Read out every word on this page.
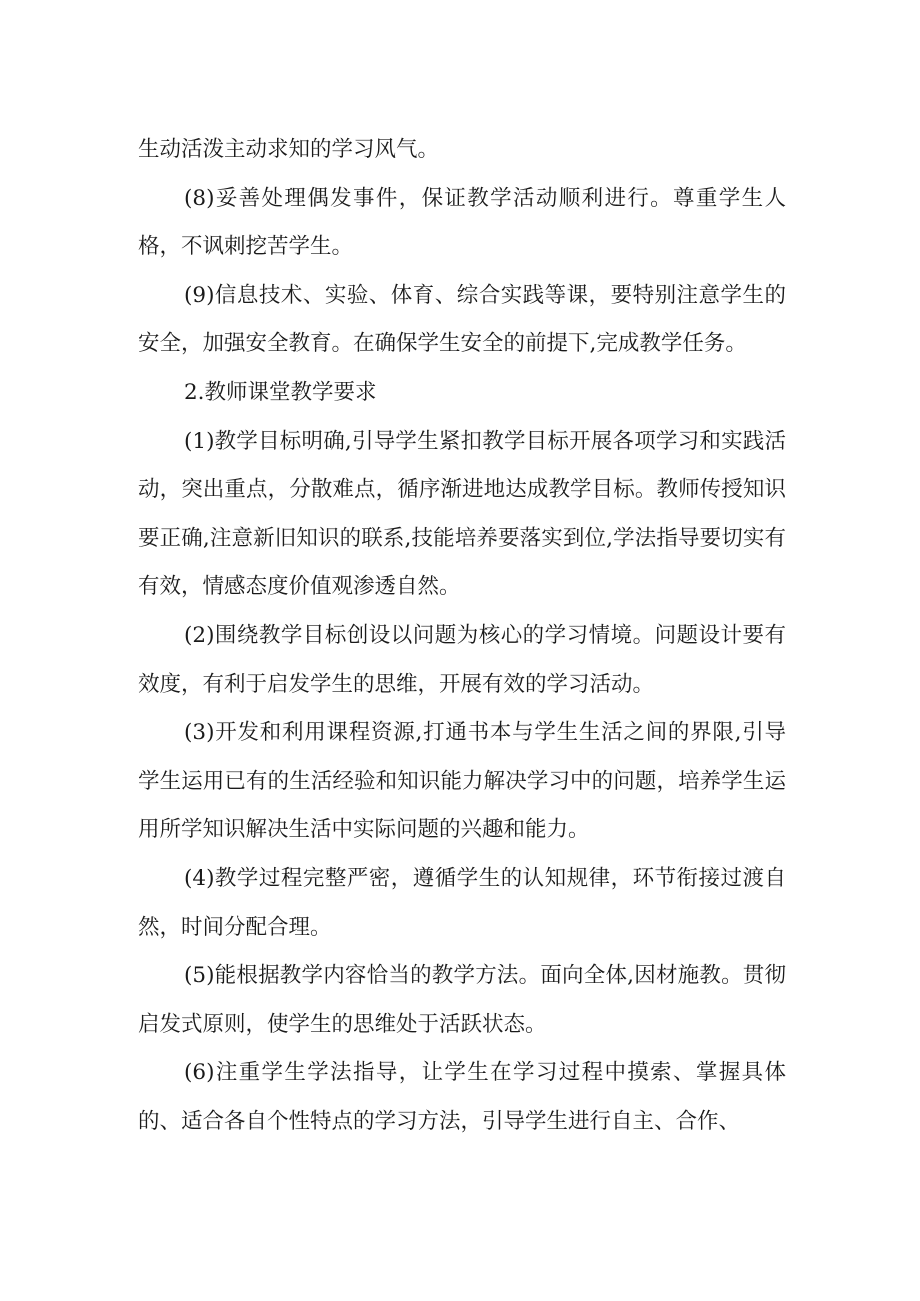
生动活泼主动求知的学习风气。

(8)妥善处理偶发事件，保证教学活动顺利进行。尊重学生人格，不讽刺挖苦学生。

(9)信息技术、实验、体育、综合实践等课，要特别注意学生的安全，加强安全教育。在确保学生安全的前提下,完成教学任务。

2.教师课堂教学要求

(1)教学目标明确,引导学生紧扣教学目标开展各项学习和实践活动，突出重点，分散难点，循序渐进地达成教学目标。教师传授知识要正确,注意新旧知识的联系,技能培养要落实到位,学法指导要切实有有效，情感态度价值观渗透自然。

(2)围绕教学目标创设以问题为核心的学习情境。问题设计要有效度，有利于启发学生的思维，开展有效的学习活动。

(3)开发和利用课程资源,打通书本与学生生活之间的界限,引导学生运用已有的生活经验和知识能力解决学习中的问题，培养学生运用所学知识解决生活中实际问题的兴趣和能力。

(4)教学过程完整严密，遵循学生的认知规律，环节衔接过渡自然，时间分配合理。

(5)能根据教学内容恰当的教学方法。面向全体,因材施教。贯彻启发式原则，使学生的思维处于活跃状态。

(6)注重学生学法指导，让学生在学习过程中摸索、掌握具体的、适合各自个性特点的学习方法，引导学生进行自主、合作、
